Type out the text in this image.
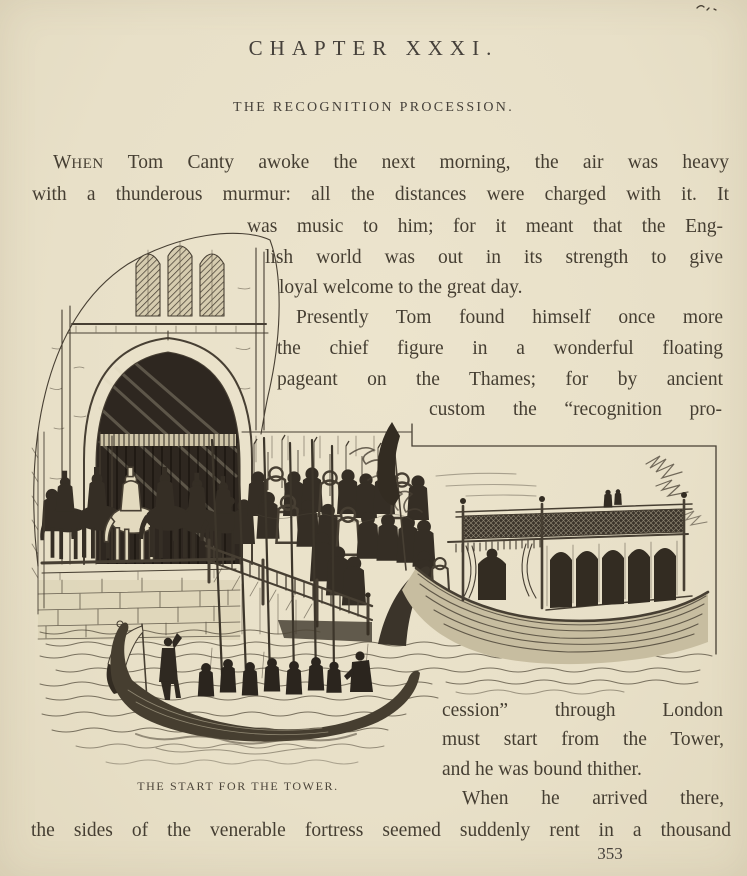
CHAPTER XXXI.
THE RECOGNITION PROCESSION.
WHEN Tom Canty awoke the next morning, the air was heavy
with a thunderous murmur: all the distances were charged with it. It
was music to him; for it meant that the Eng-
lish world was out in its strength to give
loyal welcome to the great day.
Presently Tom found himself once more
the chief figure in a wonderful floating
pageant on the Thames; for by ancient
custom the “recognition pro-
cession” through London
must start from the Tower,
and he was bound thither.
When he arrived there,
the sides of the venerable fortress seemed suddenly rent in a thousand
THE START FOR THE TOWER.
353
